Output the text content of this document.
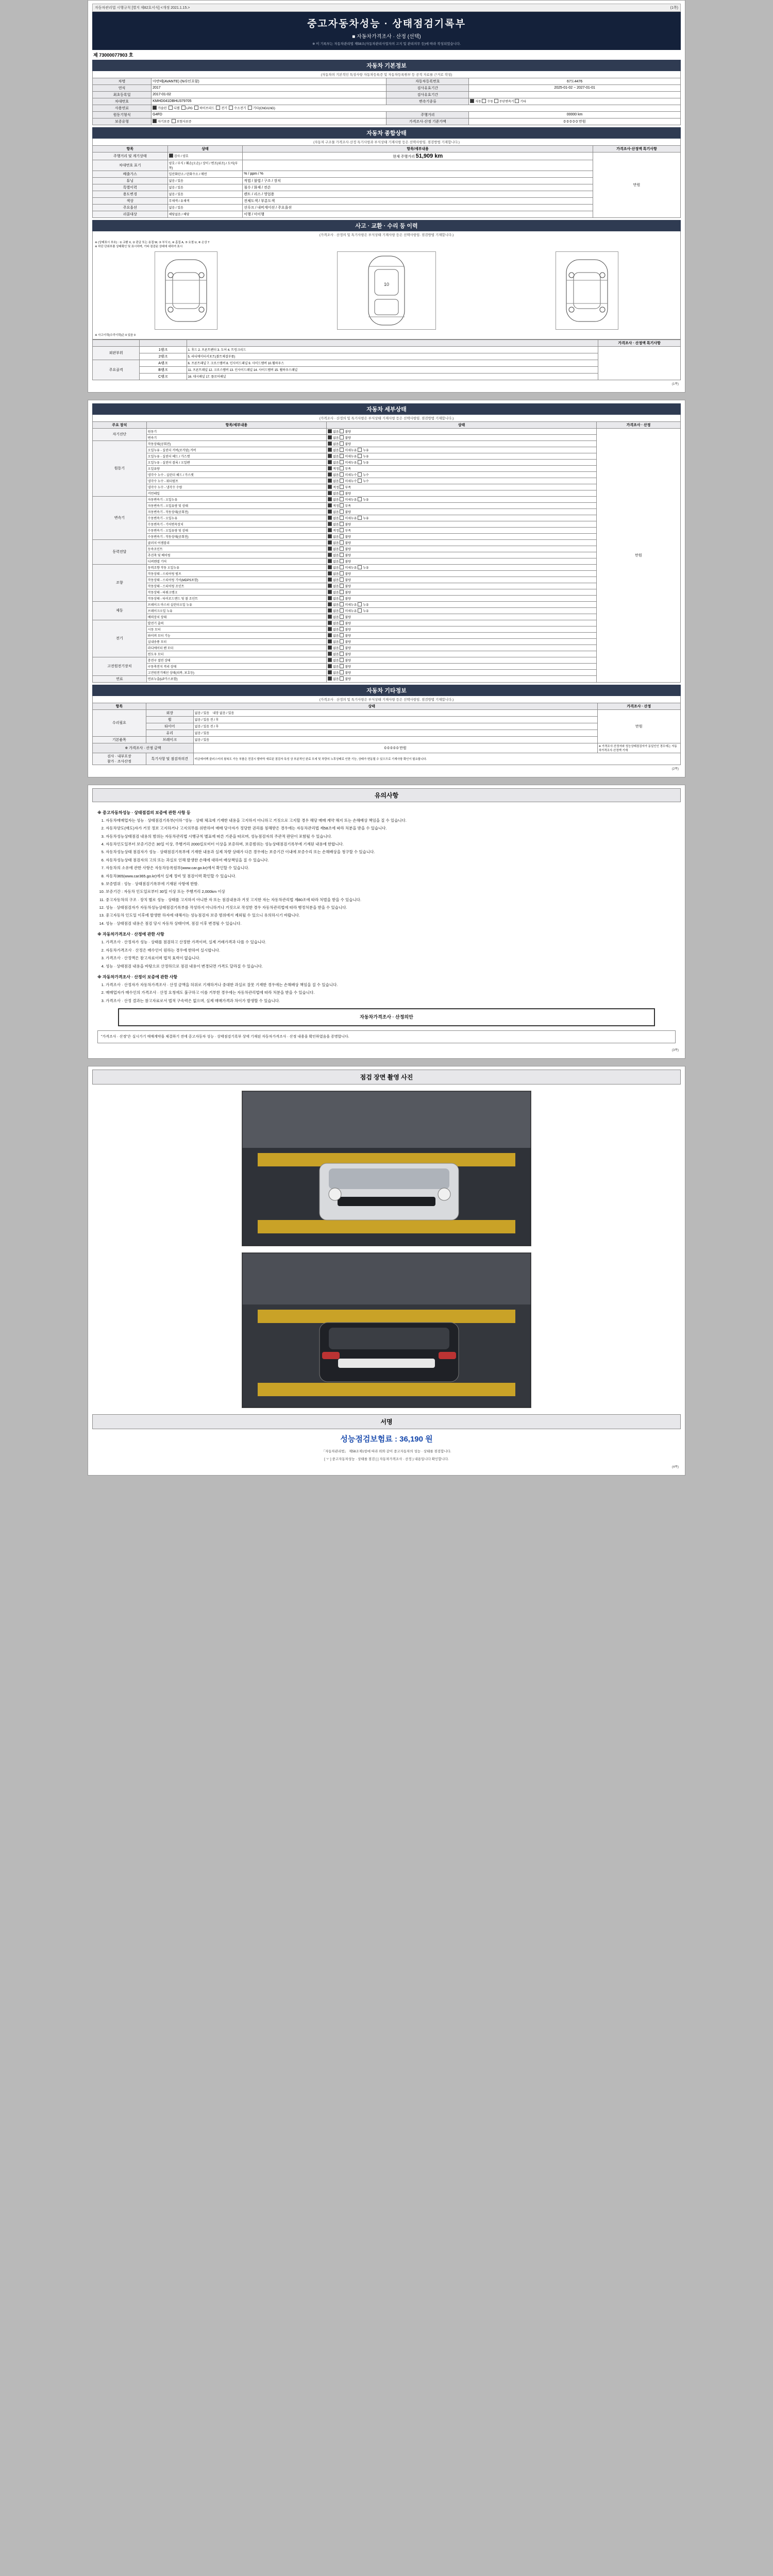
자동차관리법 시행규칙 [별지 제82호서식] <개정 2021.1.15.>	(1쪽)
중고자동차성능 · 상태점검기록부
■ 자동차가격조사 · 산정 (선택)
※ 이 기록부는 자동차관리법 제58조(자동차관리사업자의 고지 및 관리의무 등)에 따라 작성되었습니다.
제 73000077903 호
자동차 기본정보
(자동차의 기본적인 특성사항 자동차등록증 및 자동차등록원부 등 공적 자료를 근거로 작성)
차명	아반떼(AVANTE) (N라인포함)	자동차등록번호	67도4476
연식	2017	검사유효기간	2025-01-02 ~ 2027-01-01
최초등록일	2017-01-02	검사유효기간	
차대번호	KMHD041DBHU379705	변속기종류	자동 수동 무단변속기 기타
사용연료	가솔린 디젤 LPG 하이브리드 전기 수소전기 기타(CNG/LNG)		
원동기형식	G4FD	주행거리	00000 km
보증유형	자기보증 보험사보증	가격조사·산정 기준가액	0 0 0 0 0 만원
자동차 종합상태
(자동차 구조물 가격조사·산정 특기사항과 부식상태 기재사항 등은 선택사항임. 점검방법 기재합니다.)
항목	상태	항목/세부내용	가격조사·산정액 특기사항
주행거리 및 계기상태	검사 / 양호	현재 주행거리 51,909 km	만원
차대번호 표기	양호 / 부식 / 훼손(오손) / 상이 / 변조(위조) / 도어(부착)		
배출가스	일산화탄소 / 탄화수소 / 매연	% / ppm / %	
튜닝	없음 / 있음	적법 / 불법 / 구조 / 장치	
특별이력	없음 / 있음	침수 / 화재 / 전손	
용도변경	없음 / 있음	렌트 / 리스 / 영업용	
색상	무채색 / 유채색	전체도색 / 부분도색	
주요옵션	없음 / 있음	선루프 / 내비게이션 / 주요옵션	
리콜대상	해당없음 / 해당	이행 / 미이행	
사고 · 교환 · 수리 등 이력
(가격조사 · 산정의 및 특기사항은 부식상태 기재사항 등은 선택사항임. 점검방법 기재합니다.)
※ (상태표시 부호) : ① 교환 X, ② 판금 또는 용접 W, ③ 부식 C, ④ 흠집 A, ⑤ 요철 U, ⑥ 손상 T
※ 하단 단위부품 상태확인 및 표시하며, 기타 점검된 상태에 대하여 표시
10
※ 사고이력(수리이력)은 0 있음 0
			가격조사 · 산정액 특기사항
외판부위	1랭크	1. 후드 2. 프론트펜더 3. 도어 4. 트렁크리드	
	2랭크	5. 라디에이터서포트(볼트체결부품)	
주요골격	A랭크	6. 프론트패널 7. 크로스멤버 8. 인사이드패널 9. 사이드멤버 10.휠하우스	
	B랭크	11. 프론트패널 12. 크로스멤버 13. 인사이드패널 14. 사이드멤버 15. 휠하우스패널	
	C랭크	16. 대시패널 17. 플로어패널	
(1쪽)
자동차 세부상태
(가격조사 · 산정의 및 특기사항은 부식상태 기재사항 등은 선택사항임. 점검방법 기재합니다.)
주요 장치	항목/세부내용	상태	가격조사 · 산정
자기진단	원동기	없음 불량	만원
	변속기	없음 불량	
원동기	작동상태(공회전)	없음 불량	
	오일누유 - 실린더 커버(로커암) 커버	없음 미세누유 누유	
	오일누유 - 실린더 헤드 / 가스켓	없음 미세누유 누유	
	오일누유 - 실린더 블록 / 오일팬	없음 미세누유 누유	
	오일유량	적정 부족	
	냉각수 누수 - 실린더 헤드 / 가스켓	없음 미세누수 누수	
	냉각수 누수 - 워터펌프	없음 미세누수 누수	
	냉각수 누수 - 냉각수 수량	적정 부족	
	커먼레일	없음 불량	
변속기	자동변속기 - 오일누유	없음 미세누유 누유	
	자동변속기 - 오일유량 및 상태	적정 부족	
	자동변속기 - 작동상태(공회전)	없음 불량	
	수동변속기 - 오일누유	없음 미세누유 누유	
	수동변속기 - 기어변속장치	없음 불량	
	수동변속기 - 오일유량 및 상태	적정 부족	
	수동변속기 - 작동상태(공회전)	없음 불량	
동력전달	클러치 어셈블리	없음 불량	
	등속조인트	없음 불량	
	추진축 및 베어링	없음 불량	
	디퍼렌셜 기어	없음 불량	
조향	동력조향 작동 오일누유	없음 미세누유 누유	
	작동상태 - 스티어링 펌프	없음 불량	
	작동상태 - 스티어링 기어(MDPS포함)	없음 불량	
	작동상태 - 스티어링 조인트	없음 불량	
	작동상태 - 파워크랭크	없음 불량	
	작동상태 - 타이로드엔드 및 볼 조인트	없음 불량	
제동	브레이크 마스터 실린더오일 누유	없음 미세누유 누유	
	브레이크오일 누유	없음 미세누유 누유	
	배력장치 상태	없음 불량	
전기	발전기 출력	없음 불량	
	시동 모터	없음 불량	
	와이퍼 모터 기능	없음 불량	
	실내송풍 모터	없음 불량	
	라디에이터 팬 모터	없음 불량	
	윈도우 모터	없음 불량	
고전원전기장치	충전구 절연 상태	없음 불량	
	구동축전지 격리 상태	없음 불량	
	고전원전기배선 상태(피복, 보호등)	없음 불량	
연료	연료누출(LP가스포함)	없음 불량	
자동차 기타정보
(가격조사 · 산정의 및 특기사항은 부식상태 기재사항 등은 선택사항임. 점검방법 기재합니다.)
항목	상태		가격조사 · 산정
수리필요	외장	없음 / 있음 내장 없음 / 있음	만원
	휠	없음 / 있음 전 / 후	
	타이어	없음 / 있음 전 / 후	
	유리	없음 / 있음	
기본품목	브레이크	없음 / 있음	
※ 가격조사 · 산정 금액		0 0 0 0 0 만원	※ 가격조사·산정자와 성능상태점검자가 동일인인 경우에는 자동차가격조사·산정액 기재

검사 · 내부포장
참가 · 조사산정	특기사항 및 점검자의견	비금에어백 클러스터의 왕복도 가능 부품은 전검시 발바닥 새로된 점검자 특성 상 부분적인 완료 모세 및 차량의 노후상태로 인한 기능, 상태가 변동될 수 있으므로 기재사항 확인이 필요합니다.	
(2쪽)
유의사항
※ 중고자동차성능 · 상태점검의 보증에 관한 사항 등
1. 자동차매매업자는 성능 · 상태점검기록부(이하 "성능 · 상태 체크에 기재한 내용을 고지하지 아니하고 거짓으로 고지할 경우 해당 매매 계약 해지 또는 손해배상 책임을 질 수 있습니다.
2. 자동차양도(매도)자가 거짓 정보 고지하거나 고지의무를 위반하여 매매 당사자가 정당한 권리를 침해받은 경우에는 자동차관리법 제58조에 따라 처분을 받을 수 있습니다.
3. 자동차성능상태점검 내용의 범위는 자동차관리법 시행규칙 별표에 따른 기준을 따르며, 성능점검자의 주관적 판단이 포함될 수 있습니다.
4. 자동차인도일부터 보증기간은 30일 이상, 주행거리 2000킬로미터 이상을 보증하며, 보증범위는 성능상태점검기록부에 기재된 내용에 한합니다.
5. 자동차성능상태 점검자가 성능 · 상태점검기록부에 기재한 내용과 실제 차량 상태가 다른 경우에는 보증기간 이내에 보증수리 또는 손해배상을 청구할 수 있습니다.
6. 자동차성능상태 점검자의 고의 또는 과실로 인해 발생한 손해에 대하여 배상책임을 질 수 있습니다.
7. 자동차의 소유에 관한 사항은 자동차등록원부(www.car.go.kr)에서 확인할 수 있습니다.
8. 자동차365(www.car365.go.kr)에서 실제 정비 및 점검이력 확인할 수 있습니다.
9. 보증범위 : 성능 · 상태점검기록부에 기재된 사항에 한함.
10. 보증기간 : 자동차 인도일로부터 30일 이상 또는 주행거리 2,000km 이상
11. 중고자동차의 구조 · 장치 별로 성능 · 상태를 고지하지 아니한 자 또는 점검내용과 거짓 고지한 자는 자동차관리법 제80조에 따라 처벌을 받을 수 있습니다.
12. 성능 · 상태점검자가 자동차성능상태점검기록부를 작성하지 아니하거나 거짓으로 작성한 경우 자동차관리법에 따라 행정처분을 받을 수 있습니다.
13. 중고자동차 인도일 이후에 발생한 하자에 대해서는 성능점검자 보증 범위에서 제외될 수 있으니 유의하시기 바랍니다.
14. 성능 · 상태점검 내용은 점검 당시 자동차 상태이며, 점검 이후 변경될 수 있습니다.
※ 자동차가격조사 · 산정에 관한 사항
1. 가격조사 · 산정자가 성능 · 상태를 점검하고 산정한 가격이며, 실제 거래가격과 다를 수 있습니다.
2. 자동차가격조사 · 산정은 매수인이 원하는 경우에 한하여 실시합니다.
3. 가격조사 · 산정액은 참고자료이며 법적 효력이 없습니다.
4. 성능 · 상태점검 내용을 바탕으로 산정하므로 점검 내용이 변경되면 가격도 달라질 수 있습니다.
※ 자동차가격조사 · 산정이 보증에 관한 사항
1. 가격조사 · 산정자가 자동차가격조사 · 산정 금액을 허위로 기재하거나 중대한 과실로 잘못 기재한 경우에는 손해배상 책임을 질 수 있습니다.
2. 매매업자가 매수인의 가격조사 · 산정 요청에도 불구하고 이를 거부한 경우에는 자동차관리법에 따라 처분을 받을 수 있습니다.
3. 가격조사 · 산정 결과는 참고자료로서 법적 구속력은 없으며, 실제 매매가격과 차이가 발생할 수 있습니다.
자동차가격조사 · 산정의안
"가격조사 · 산정"은 실시가기 매매계약을 체결하기 전에 중고자동차 성능 · 상태점검기록부 상에 기재된 자동차가격조사 · 산정 내용을 확인하였음을 증명합니다.
(3쪽)
점검 장면 촬영 사진
서명
성능점검보험료 : 36,190 원
「자동차관리법」 제58조제1항에 따라 위와 같이 중고자동차의 성능 · 상태를 점검합니다.
[ ㅜ ] 중고자동차성능 · 상태를 점검 [ ] 자동차가격조사 · 산정 ) 내용입니다 확인합니다.
(4쪽)
